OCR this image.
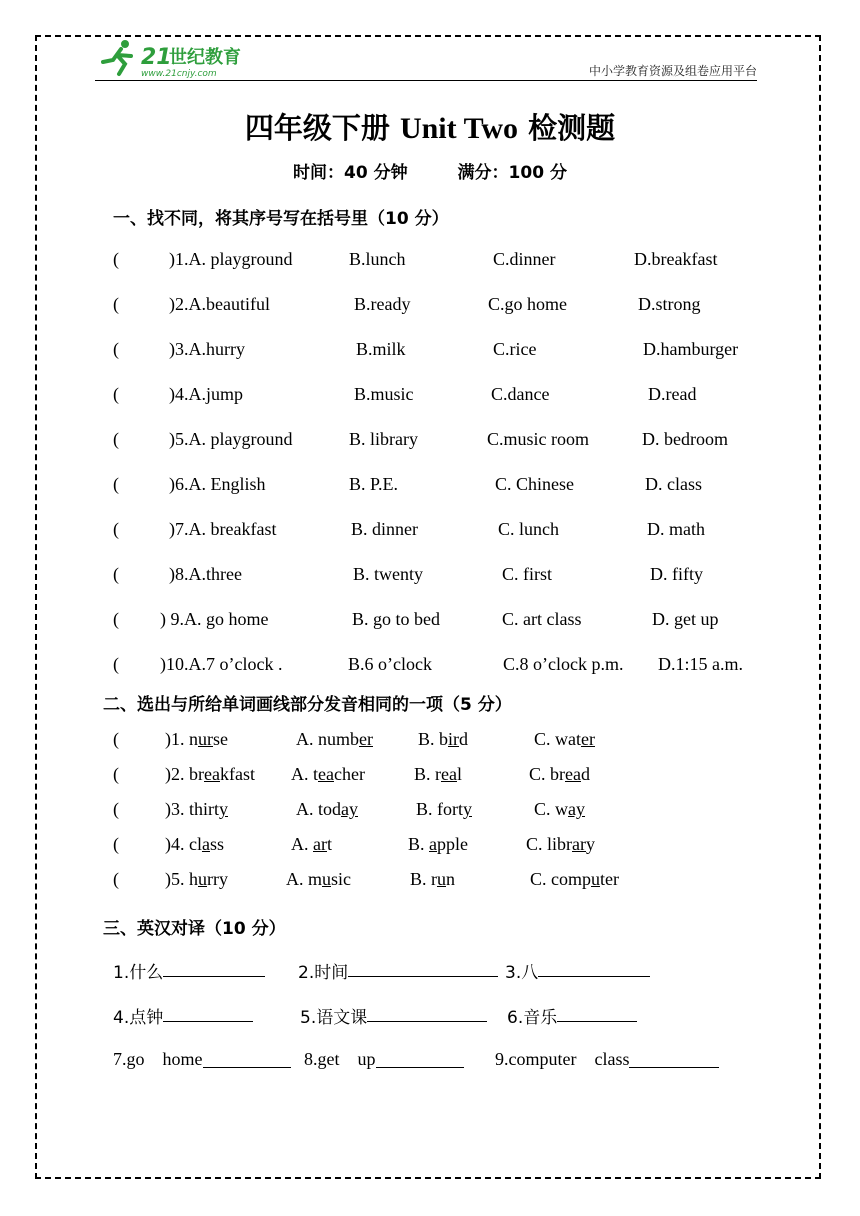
21
世纪教育
www.21cnjy.com	中小学教育资源及组卷应用平台
四年级下册 Unit Two 检测题
时间：40 分钟	满分：100 分
一、找不同，将其序号写在括号里（10 分）
(	)1.A. playground	B.lunch	C.dinner	D.breakfast
(	)2.A.beautiful	B.ready	C.go home	D.strong
(	)3.A.hurry	B.milk	C.rice	D.hamburger
(	)4.A.jump	B.music	C.dance	D.read
(	)5.A. playground	B. library	C.music room	D. bedroom
(	)6.A. English	B. P.E.	C. Chinese	D. class
(	)7.A. breakfast	B. dinner	C. lunch	D. math
(	)8.A.three	B. twenty	C. first	D. fifty
( ) 9.A. go home	B. go to bed	C. art class	D. get up
( )10.A.7 o’clock .	B.6 o’clock	C.8 o’clock p.m. D.1:15 a.m.
二、选出与所给单词画线部分发音相同的一项（5 分）
(	)1. nurse	A. number	B. bird	C. water
(	)2. breakfast A. teacher	B. real	C. bread
(	)3. thirty	A. today	B. forty	C. way
(	)4. class	A. art	B. apple	C. library
(	)5. hurry	A. music	B. run	C. computer
三、英汉对译（10 分）
1.什么	2.时间	3.八
4.点钟	5.语文课	6.音乐
7.go    home	8.get    up	9.computer    class
